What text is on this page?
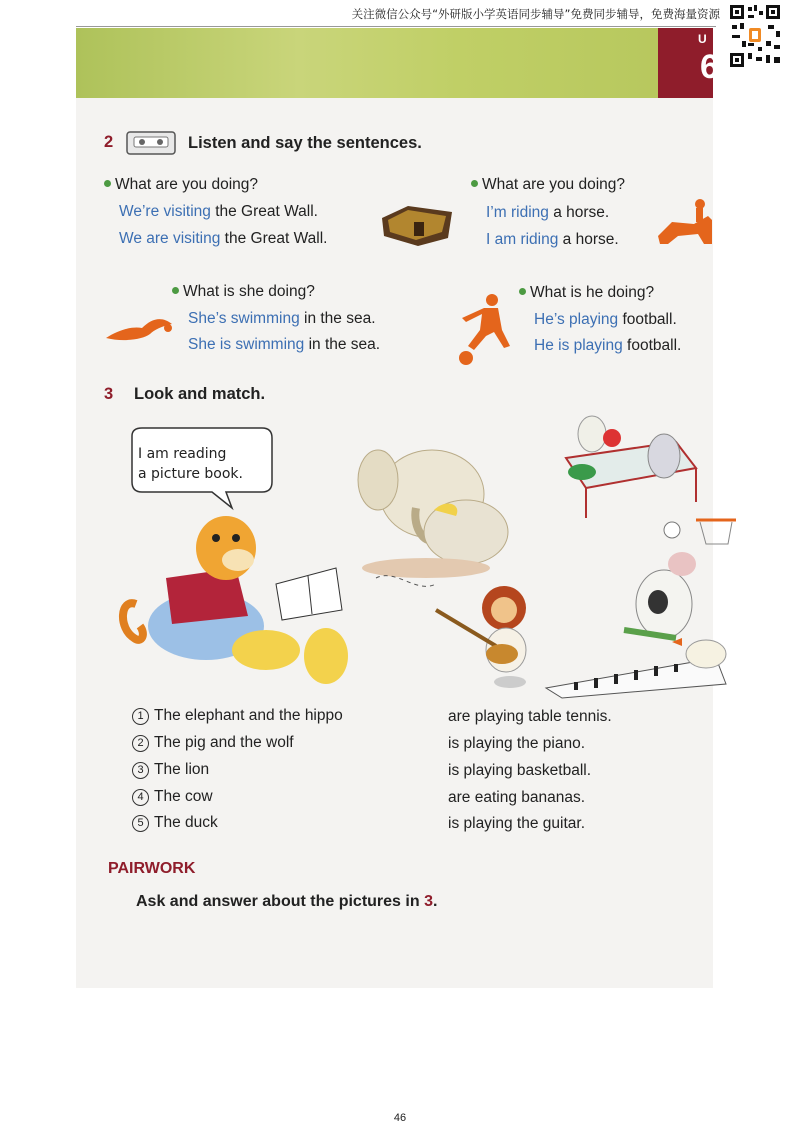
关注微信公众号“外研版小学英语同步辅导”免费同步辅导，免费海量资源
U
6
2	Listen and say the sentences.
What are you doing?
We’re visiting the Great Wall.
We are visiting the Great Wall.
What are you doing?
I’m riding a horse.
I am riding a horse.
What is she doing?
She’s swimming in the sea.
She is swimming in the sea.
What is he doing?
He’s playing football.
He is playing football.
3 Look and match.
I am reading
a picture book.
1 The elephant and the hippo	are playing table tennis.
2 The pig and the wolf	is playing the piano.
3 The lion	is playing basketball.
4 The cow	are eating bananas.
5 The duck	is playing the guitar.
PAIRWORK
Ask and answer about the pictures in 3.
46
